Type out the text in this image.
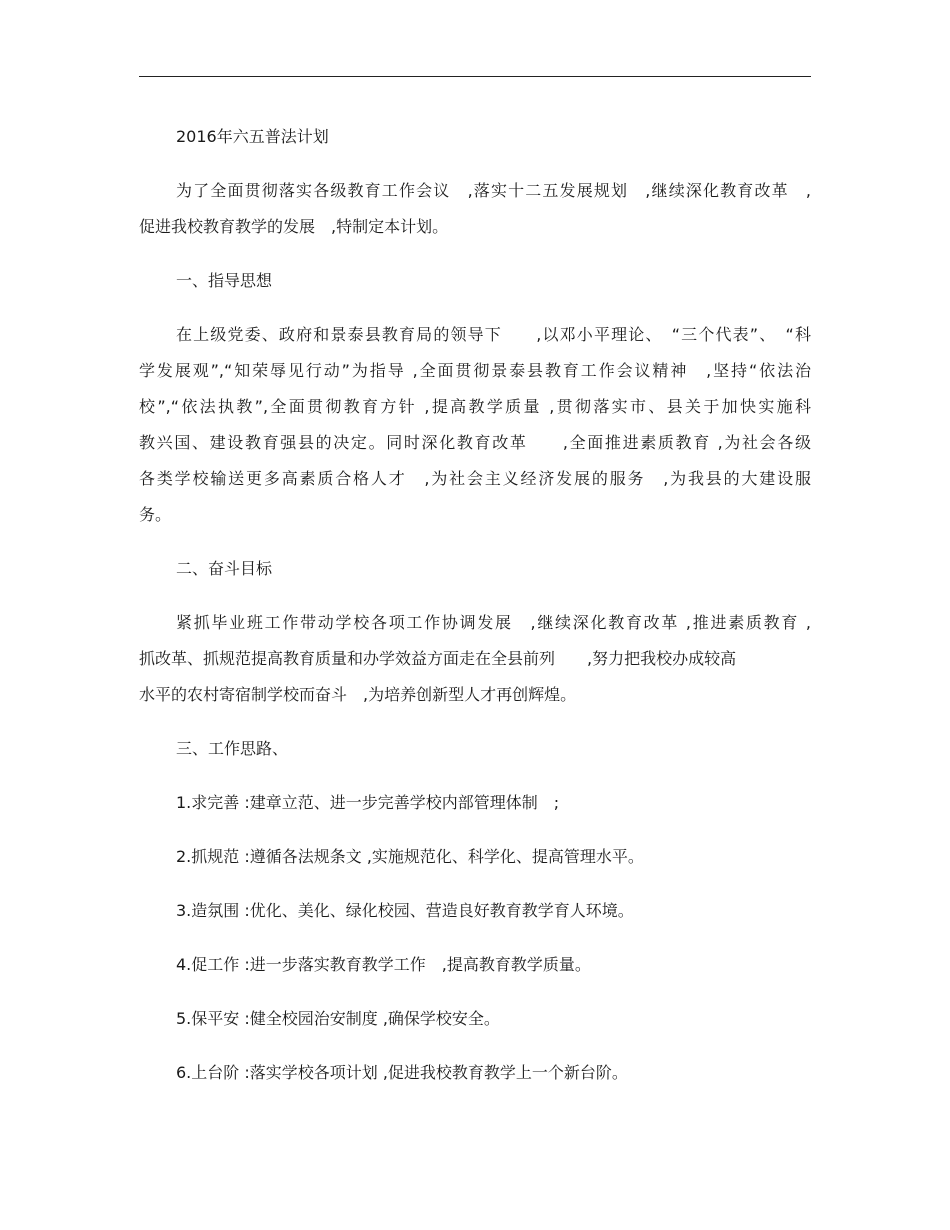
2016年六五普法计划

为了全面贯彻落实各级教育工作会议　,落实十二五发展规划　,继续深化教育改革　,
促进我校教育教学的发展　,特制定本计划。

一、指导思想

在上级党委、政府和景泰县教育局的领导下　　,以邓小平理论、　“三个代表”、　“科
学发展观”,“知荣辱见行动”为指导 ,全面贯彻景泰县教育工作会议精神　,坚持“依法治
校”,“依法执教”,全面贯彻教育方针 ,提高教学质量 ,贯彻落实市、县关于加快实施科
教兴国、建设教育强县的决定。同时深化教育改革　　,全面推进素质教育 ,为社会各级
各类学校输送更多高素质合格人才　,为社会主义经济发展的服务　,为我县的大建设服
务。

二、奋斗目标

紧抓毕业班工作带动学校各项工作协调发展　,继续深化教育改革 ,推进素质教育 ,
抓改革、抓规范提高教育质量和办学效益方面走在全县前列　　,努力把我校办成较高
水平的农村寄宿制学校而奋斗　,为培养创新型人才再创辉煌。

三、工作思路、

1.求完善 :建章立范、进一步完善学校内部管理体制　;

2.抓规范 :遵循各法规条文 ,实施规范化、科学化、提高管理水平。

3.造氛围 :优化、美化、绿化校园、营造良好教育教学育人环境。

4.促工作 :进一步落实教育教学工作　,提高教育教学质量。

5.保平安 :健全校园治安制度 ,确保学校安全。

6.上台阶 :落实学校各项计划 ,促进我校教育教学上一个新台阶。
